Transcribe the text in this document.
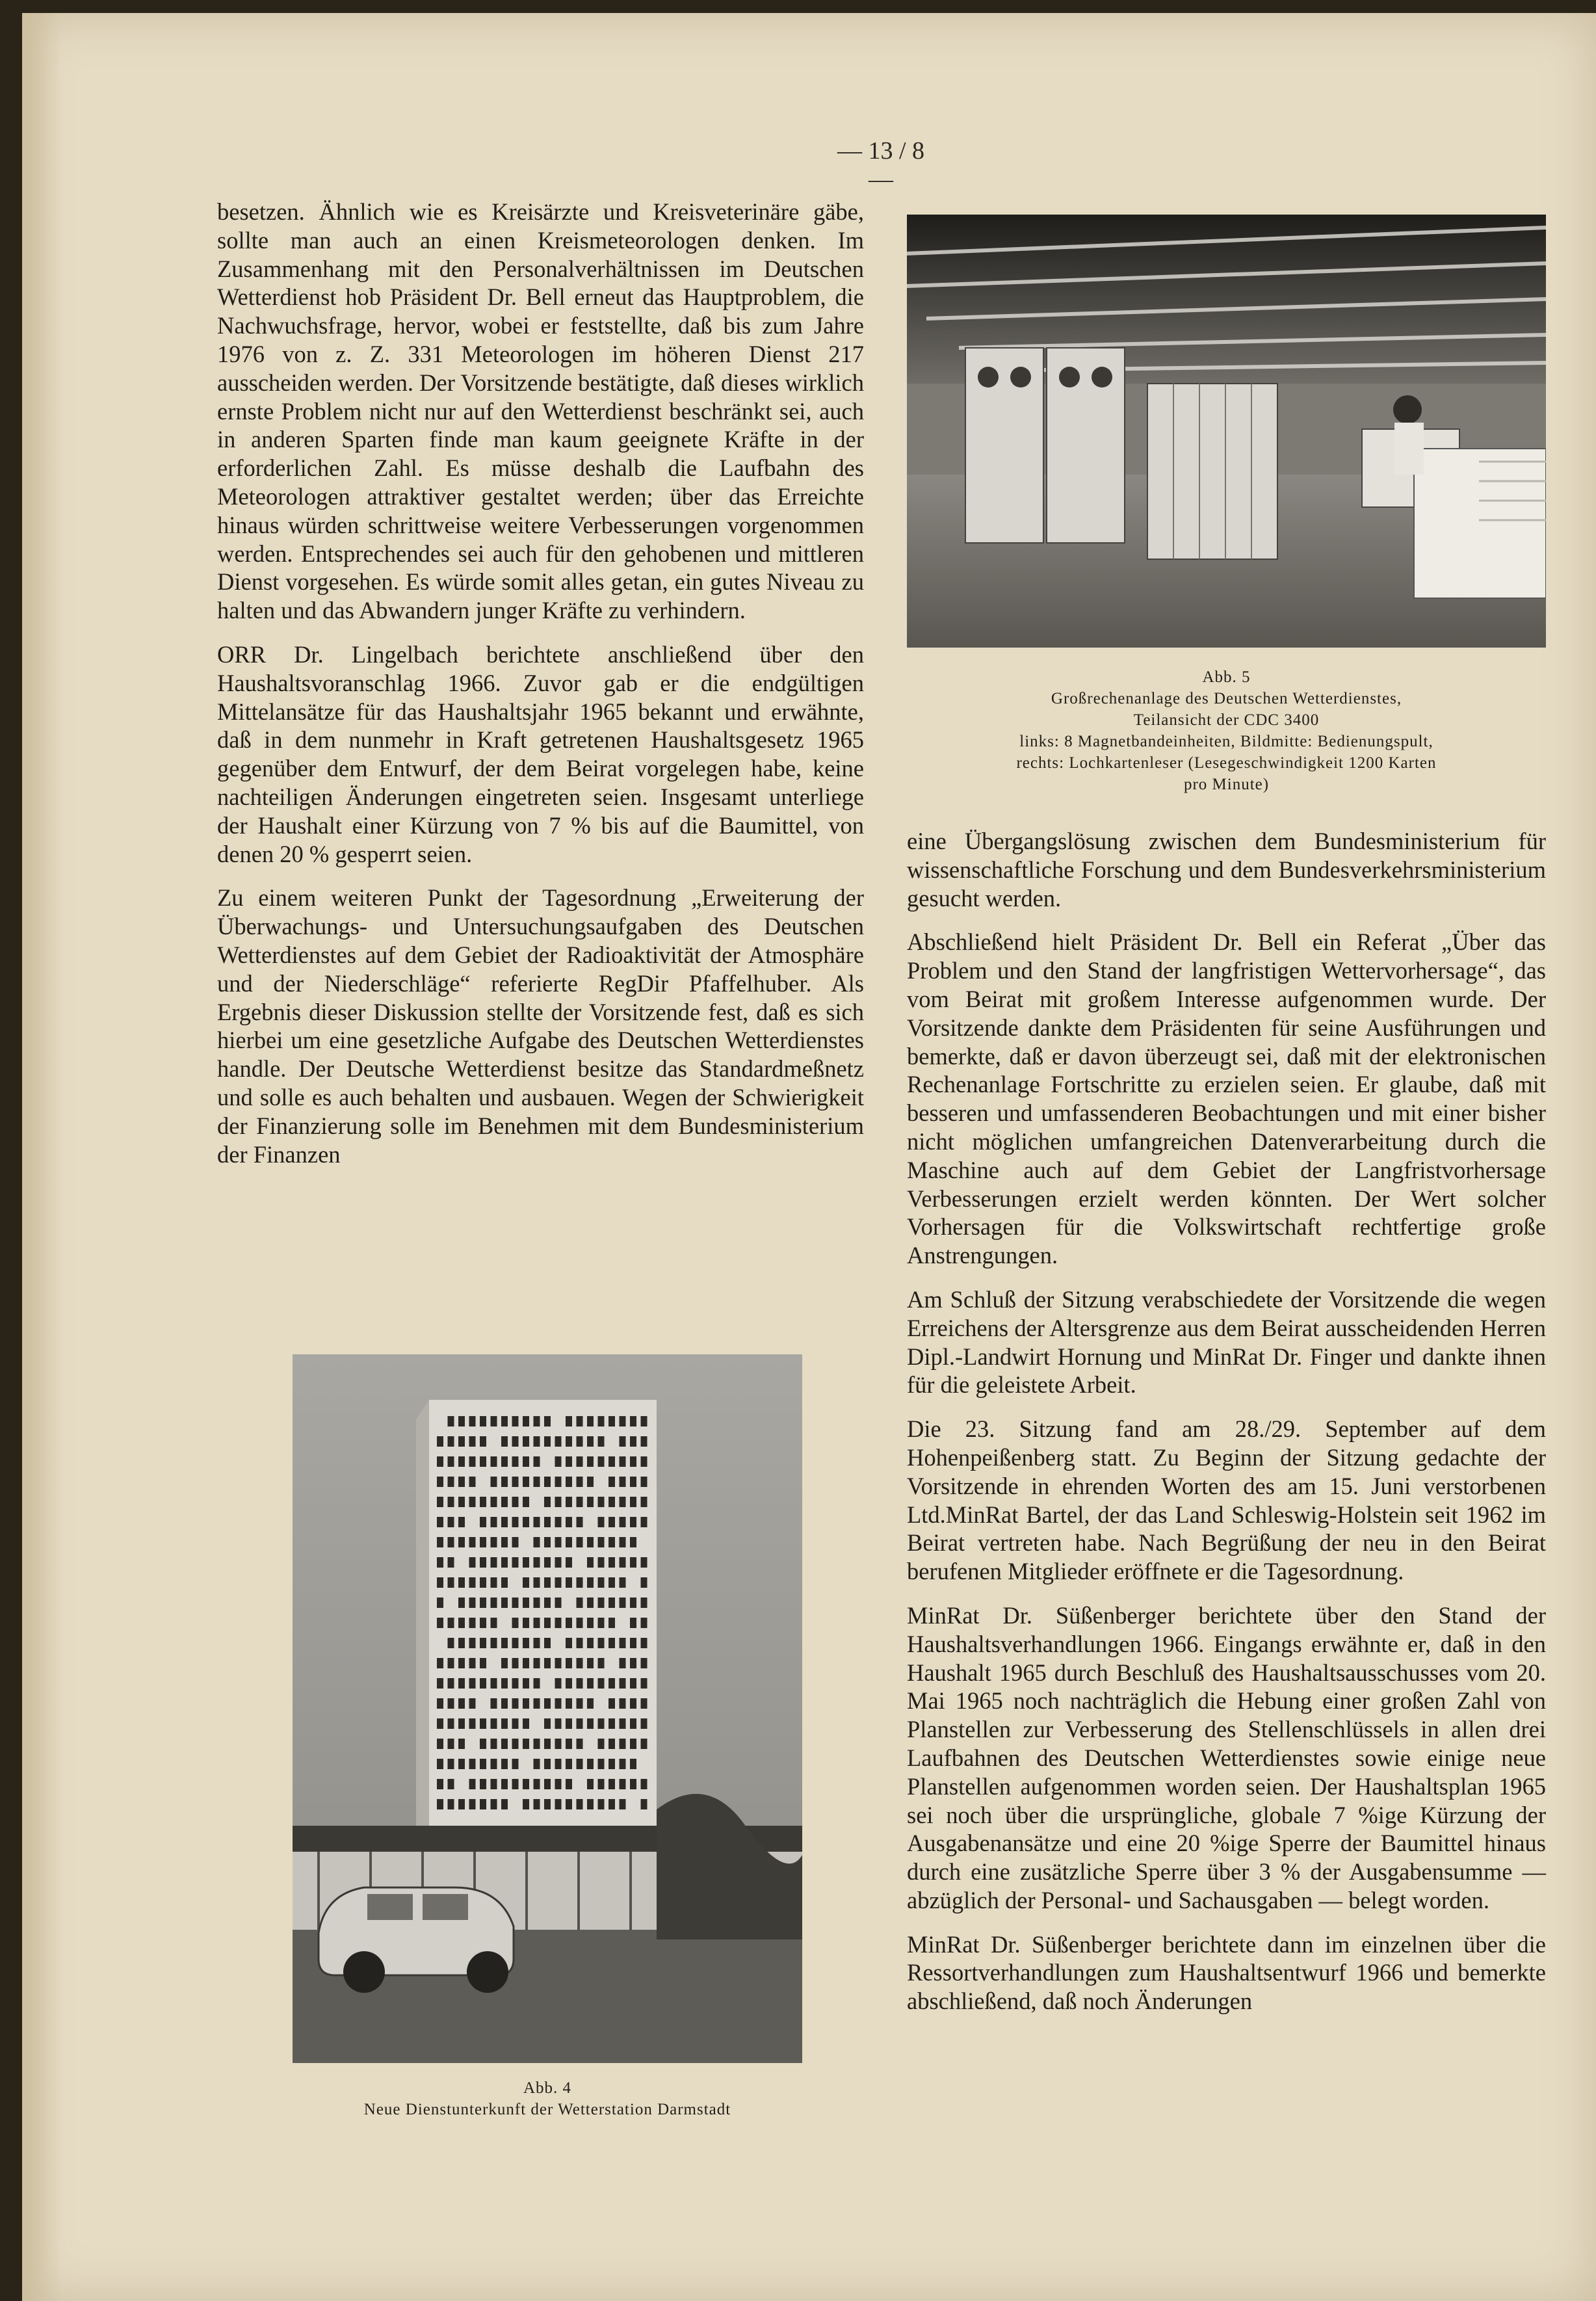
— 13 / 8 —

besetzen. Ähnlich wie es Kreisärzte und Kreisveterinäre gäbe, sollte man auch an einen Kreismeteorologen denken. Im Zusammenhang mit den Personalverhältnissen im Deutschen Wetterdienst hob Präsident Dr. Bell erneut das Hauptproblem, die Nachwuchsfrage, hervor, wobei er feststellte, daß bis zum Jahre 1976 von z. Z. 331 Meteorologen im höheren Dienst 217 ausscheiden werden. Der Vorsitzende bestätigte, daß dieses wirklich ernste Problem nicht nur auf den Wetterdienst beschränkt sei, auch in anderen Sparten finde man kaum geeignete Kräfte in der erforderlichen Zahl. Es müsse deshalb die Laufbahn des Meteorologen attraktiver gestaltet werden; über das Erreichte hinaus würden schrittweise weitere Verbesserungen vorgenommen werden. Entsprechendes sei auch für den gehobenen und mittleren Dienst vorgesehen. Es würde somit alles getan, ein gutes Niveau zu halten und das Abwandern junger Kräfte zu verhindern.

ORR Dr. Lingelbach berichtete anschließend über den Haushaltsvoranschlag 1966. Zuvor gab er die endgültigen Mittelansätze für das Haushaltsjahr 1965 bekannt und erwähnte, daß in dem nunmehr in Kraft getretenen Haushaltsgesetz 1965 gegenüber dem Entwurf, der dem Beirat vorgelegen habe, keine nachteiligen Änderungen eingetreten seien. Insgesamt unterliege der Haushalt einer Kürzung von 7 % bis auf die Baumittel, von denen 20 % gesperrt seien.

Zu einem weiteren Punkt der Tagesordnung „Erweiterung der Überwachungs- und Untersuchungsaufgaben des Deutschen Wetterdienstes auf dem Gebiet der Radioaktivität der Atmosphäre und der Niederschläge“ referierte RegDir Pfaffelhuber. Als Ergebnis dieser Diskussion stellte der Vorsitzende fest, daß es sich hierbei um eine gesetzliche Aufgabe des Deutschen Wetterdienstes handle. Der Deutsche Wetterdienst besitze das Standardmeßnetz und solle es auch behalten und ausbauen. Wegen der Schwierigkeit der Finanzierung solle im Benehmen mit dem Bundesministerium der Finanzen

Abb. 5
Großrechenanlage des Deutschen Wetterdienstes,
Teilansicht der CDC 3400
links: 8 Magnetbandeinheiten, Bildmitte: Bedienungspult,
rechts: Lochkartenleser (Lesegeschwindigkeit 1200 Karten
pro Minute)

eine Übergangslösung zwischen dem Bundesministerium für wissenschaftliche Forschung und dem Bundesverkehrsministerium gesucht werden.

Abschließend hielt Präsident Dr. Bell ein Referat „Über das Problem und den Stand der langfristigen Wettervorhersage“, das vom Beirat mit großem Interesse aufgenommen wurde. Der Vorsitzende dankte dem Präsidenten für seine Ausführungen und bemerkte, daß er davon überzeugt sei, daß mit der elektronischen Rechenanlage Fortschritte zu erzielen seien. Er glaube, daß mit besseren und umfassenderen Beobachtungen und mit einer bisher nicht möglichen umfangreichen Datenverarbeitung durch die Maschine auch auf dem Gebiet der Langfristvorhersage Verbesserungen erzielt werden könnten. Der Wert solcher Vorhersagen für die Volkswirtschaft rechtfertige große Anstrengungen.

Am Schluß der Sitzung verabschiedete der Vorsitzende die wegen Erreichens der Altersgrenze aus dem Beirat ausscheidenden Herren Dipl.-Landwirt Hornung und MinRat Dr. Finger und dankte ihnen für die geleistete Arbeit.

Die 23. Sitzung fand am 28./29. September auf dem Hohenpeißenberg statt. Zu Beginn der Sitzung gedachte der Vorsitzende in ehrenden Worten des am 15. Juni verstorbenen Ltd.MinRat Bartel, der das Land Schleswig-Holstein seit 1962 im Beirat vertreten habe. Nach Begrüßung der neu in den Beirat berufenen Mitglieder eröffnete er die Tagesordnung.

MinRat Dr. Süßenberger berichtete über den Stand der Haushaltsverhandlungen 1966. Eingangs erwähnte er, daß in den Haushalt 1965 durch Beschluß des Haushaltsausschusses vom 20. Mai 1965 noch nachträglich die Hebung einer großen Zahl von Planstellen zur Verbesserung des Stellenschlüssels in allen drei Laufbahnen des Deutschen Wetterdienstes sowie einige neue Planstellen aufgenommen worden seien. Der Haushaltsplan 1965 sei noch über die ursprüngliche, globale 7 %ige Kürzung der Ausgabenansätze und eine 20 %ige Sperre der Baumittel hinaus durch eine zusätzliche Sperre über 3 % der Ausgabensumme — abzüglich der Personal- und Sachausgaben — belegt worden.

MinRat Dr. Süßenberger berichtete dann im einzelnen über die Ressortverhandlungen zum Haushaltsentwurf 1966 und bemerkte abschließend, daß noch Änderungen

Abb. 4
Neue Dienstunterkunft der Wetterstation Darmstadt
